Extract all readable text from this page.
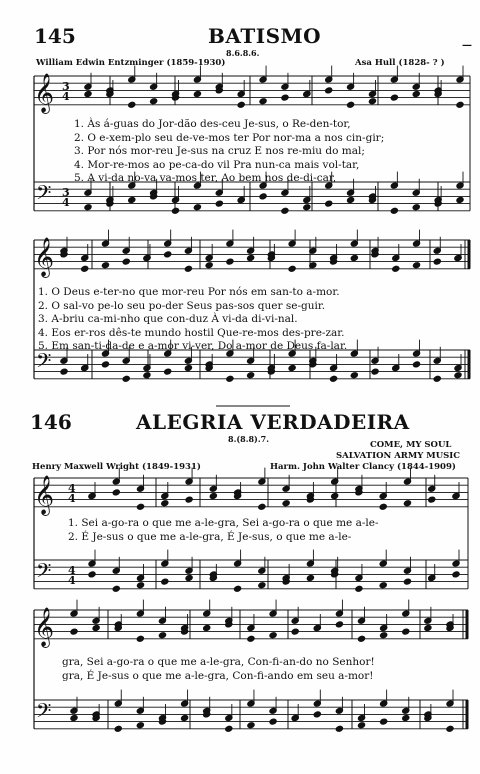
𝄞
𝄢
3
4
3
4
𝄞
𝄢
𝄞
𝄢
4
4
4
4
𝄞
𝄢
145	BATISMO	—
8.6.8.6.
William Edwin Entzminger (1859-1930)	Asa Hull (1828- ? )
1. Às á-guas do Jor-dão des-ceu Je-sus, o Re-den-tor,
2. O e-xem-plo seu de-ve-mos ter Por nor-ma a nos cin-gir;
3. Por nós mor-reu Je-sus na cruz E nos re-miu do mal;
4. Mor-re-mos ao pe-ca-do vil Pra nun-ca mais vol-tar,
5. A vi-da no-va va-mos ter, Ao bem nos de-di-car,
1. O Deus e-ter-no que mor-reu Por nós em san-to a-mor.
2. O sal-vo pe-lo seu po-der Seus pas-sos quer se-guir.
3. A-briu ca-mi-nho que con-duz À vi-da di-vi-nal.
4. Eos er-ros dês-te mundo hostil Que-re-mos des-pre-zar.
5. Em san-ti-da-de e a-mor vi-ver, Do a-mor de Deus fa-lar.
146	ALEGRIA VERDADEIRA
8.(8.8).7.
COME, MY SOUL
SALVATION ARMY MUSIC
Henry Maxwell Wright (1849-1931)	Harm. John Walter Clancy (1844-1909)
1. Sei a-go-ra o que me a-le-gra, Sei a-go-ra o que me a-le-
2. É Je-sus o que me a-le-gra, É Je-sus, o que me a-le-
gra, Sei a-go-ra o que me a-le-gra, Con-fi-an-do no Senhor!
gra, É Je-sus o que me a-le-gra, Con-fi-ando em seu a-mor!
